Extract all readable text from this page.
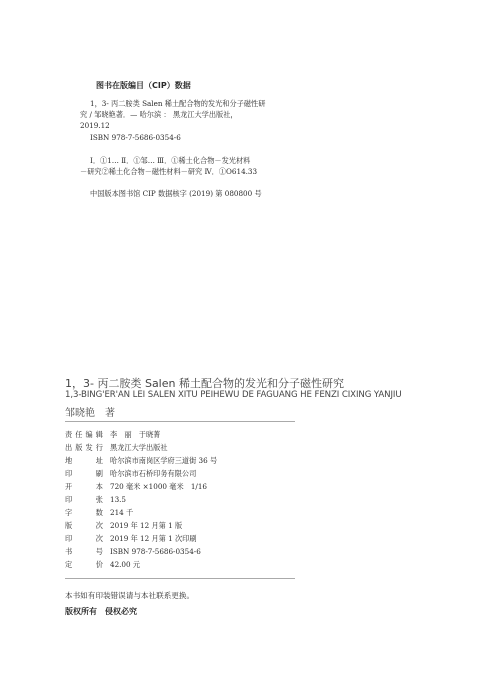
图书在版编目（CIP）数据
1，3- 丙二胺类 Salen 稀土配合物的发光和分子磁性研
究 / 邹晓艳著．— 哈尔滨 ： 黑龙江大学出版社，
2019.12
ISBN 978-7-5686-0354-6
Ⅰ．①1… Ⅱ．①邹… Ⅲ．①稀土化合物－发光材料
－研究②稀土化合物－磁性材料－研究 Ⅳ．①O614.33
中国版本图书馆 CIP 数据核字 (2019) 第 080800 号
1，3- 丙二胺类 Salen 稀土配合物的发光和分子磁性研究
1,3-BING'ER'AN LEI SALEN XITU PEIHEWU DE FAGUANG HE FENZI CIXING YANJIU
邹晓艳　著
责任编辑 李　丽　于晓菁
出版发行 黑龙江大学出版社
地址 哈尔滨市南岗区学府三道街 36 号
印刷 哈尔滨市石桥印务有限公司
开本 720 毫米 ×1000 毫米　1/16
印张 13.5
字数 214 千
版次 2019 年 12 月第 1 版
印次 2019 年 12 月第 1 次印刷
书号 ISBN 978-7-5686-0354-6
定价 42.00 元
本书如有印装错误请与本社联系更换。
版权所有　侵权必究
